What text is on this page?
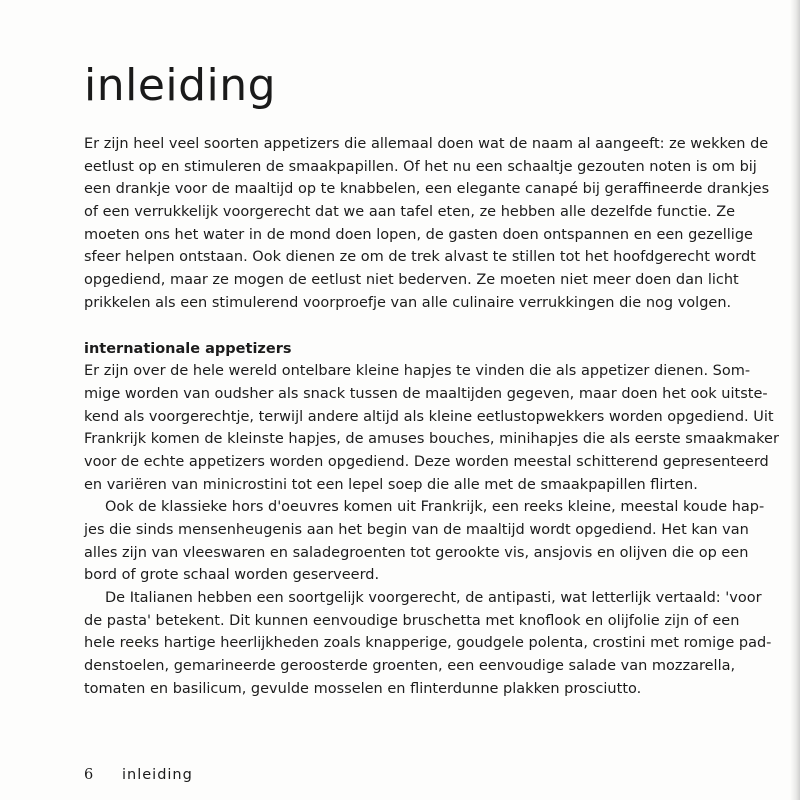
inleiding
Er zijn heel veel soorten appetizers die allemaal doen wat de naam al aangeeft: ze wekken de
eetlust op en stimuleren de smaakpapillen. Of het nu een schaaltje gezouten noten is om bij
een drankje voor de maaltijd op te knabbelen, een elegante canapé bij geraffineerde drankjes
of een verrukkelijk voorgerecht dat we aan tafel eten, ze hebben alle dezelfde functie. Ze
moeten ons het water in de mond doen lopen, de gasten doen ontspannen en een gezellige
sfeer helpen ontstaan. Ook dienen ze om de trek alvast te stillen tot het hoofdgerecht wordt
opgediend, maar ze mogen de eetlust niet bederven. Ze moeten niet meer doen dan licht
prikkelen als een stimulerend voorproefje van alle culinaire verrukkingen die nog volgen.
internationale appetizers
Er zijn over de hele wereld ontelbare kleine hapjes te vinden die als appetizer dienen. Som-
mige worden van oudsher als snack tussen de maaltijden gegeven, maar doen het ook uitste-
kend als voorgerechtje, terwijl andere altijd als kleine eetlustopwekkers worden opgediend. Uit
Frankrijk komen de kleinste hapjes, de amuses bouches, minihapjes die als eerste smaakmaker
voor de echte appetizers worden opgediend. Deze worden meestal schitterend gepresenteerd
en variëren van minicrostini tot een lepel soep die alle met de smaakpapillen flirten.
Ook de klassieke hors d'oeuvres komen uit Frankrijk, een reeks kleine, meestal koude hap-
jes die sinds mensenheugenis aan het begin van de maaltijd wordt opgediend. Het kan van
alles zijn van vleeswaren en saladegroenten tot gerookte vis, ansjovis en olijven die op een
bord of grote schaal worden geserveerd.
De Italianen hebben een soortgelijk voorgerecht, de antipasti, wat letterlijk vertaald: 'voor
de pasta' betekent. Dit kunnen eenvoudige bruschetta met knoflook en olijfolie zijn of een
hele reeks hartige heerlijkheden zoals knapperige, goudgele polenta, crostini met romige pad-
denstoelen, gemarineerde geroosterde groenten, een eenvoudige salade van mozzarella,
tomaten en basilicum, gevulde mosselen en flinterdunne plakken prosciutto.
6 inleiding
